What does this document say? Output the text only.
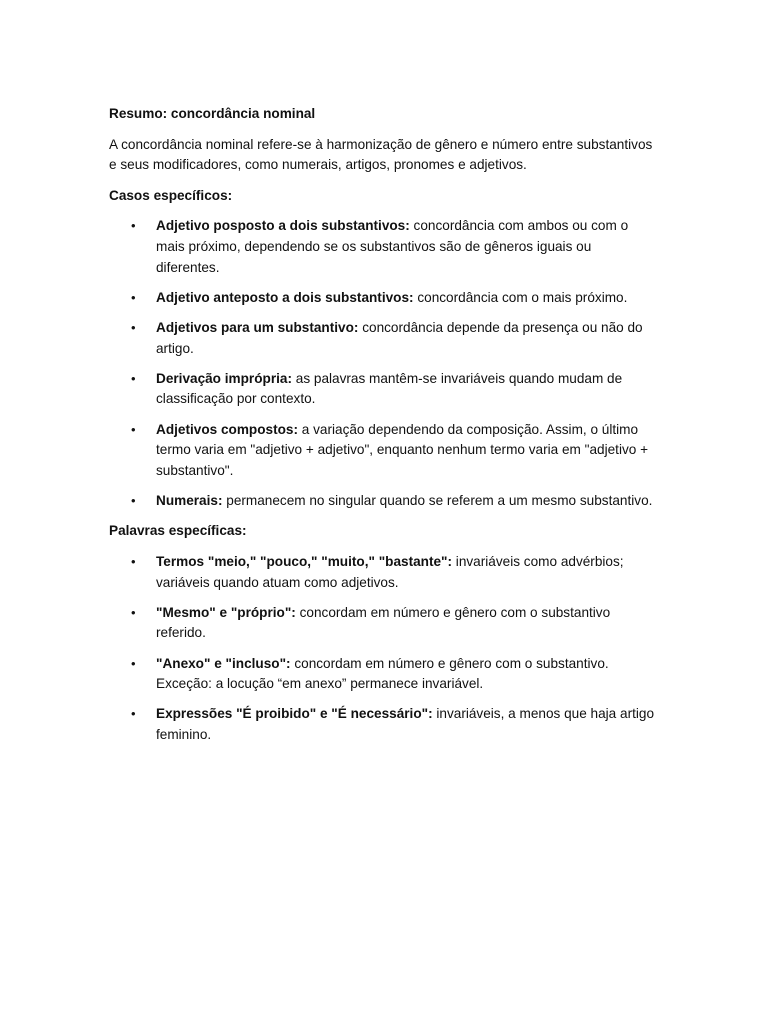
Resumo: concordância nominal
A concordância nominal refere-se à harmonização de gênero e número entre substantivos e seus modificadores, como numerais, artigos, pronomes e adjetivos.
Casos específicos:
• Adjetivo posposto a dois substantivos: concordância com ambos ou com o mais próximo, dependendo se os substantivos são de gêneros iguais ou diferentes.
• Adjetivo anteposto a dois substantivos: concordância com o mais próximo.
• Adjetivos para um substantivo: concordância depende da presença ou não do artigo.
• Derivação imprópria: as palavras mantêm-se invariáveis quando mudam de classificação por contexto.
• Adjetivos compostos: a variação dependendo da composição. Assim, o último termo varia em "adjetivo + adjetivo", enquanto nenhum termo varia em "adjetivo + substantivo".
• Numerais: permanecem no singular quando se referem a um mesmo substantivo.
Palavras específicas:
• Termos "meio," "pouco," "muito," "bastante": invariáveis como advérbios; variáveis quando atuam como adjetivos.
• "Mesmo" e "próprio": concordam em número e gênero com o substantivo referido.
• "Anexo" e "incluso": concordam em número e gênero com o substantivo. Exceção: a locução “em anexo” permanece invariável.
• Expressões "É proibido" e "É necessário": invariáveis, a menos que haja artigo feminino.
